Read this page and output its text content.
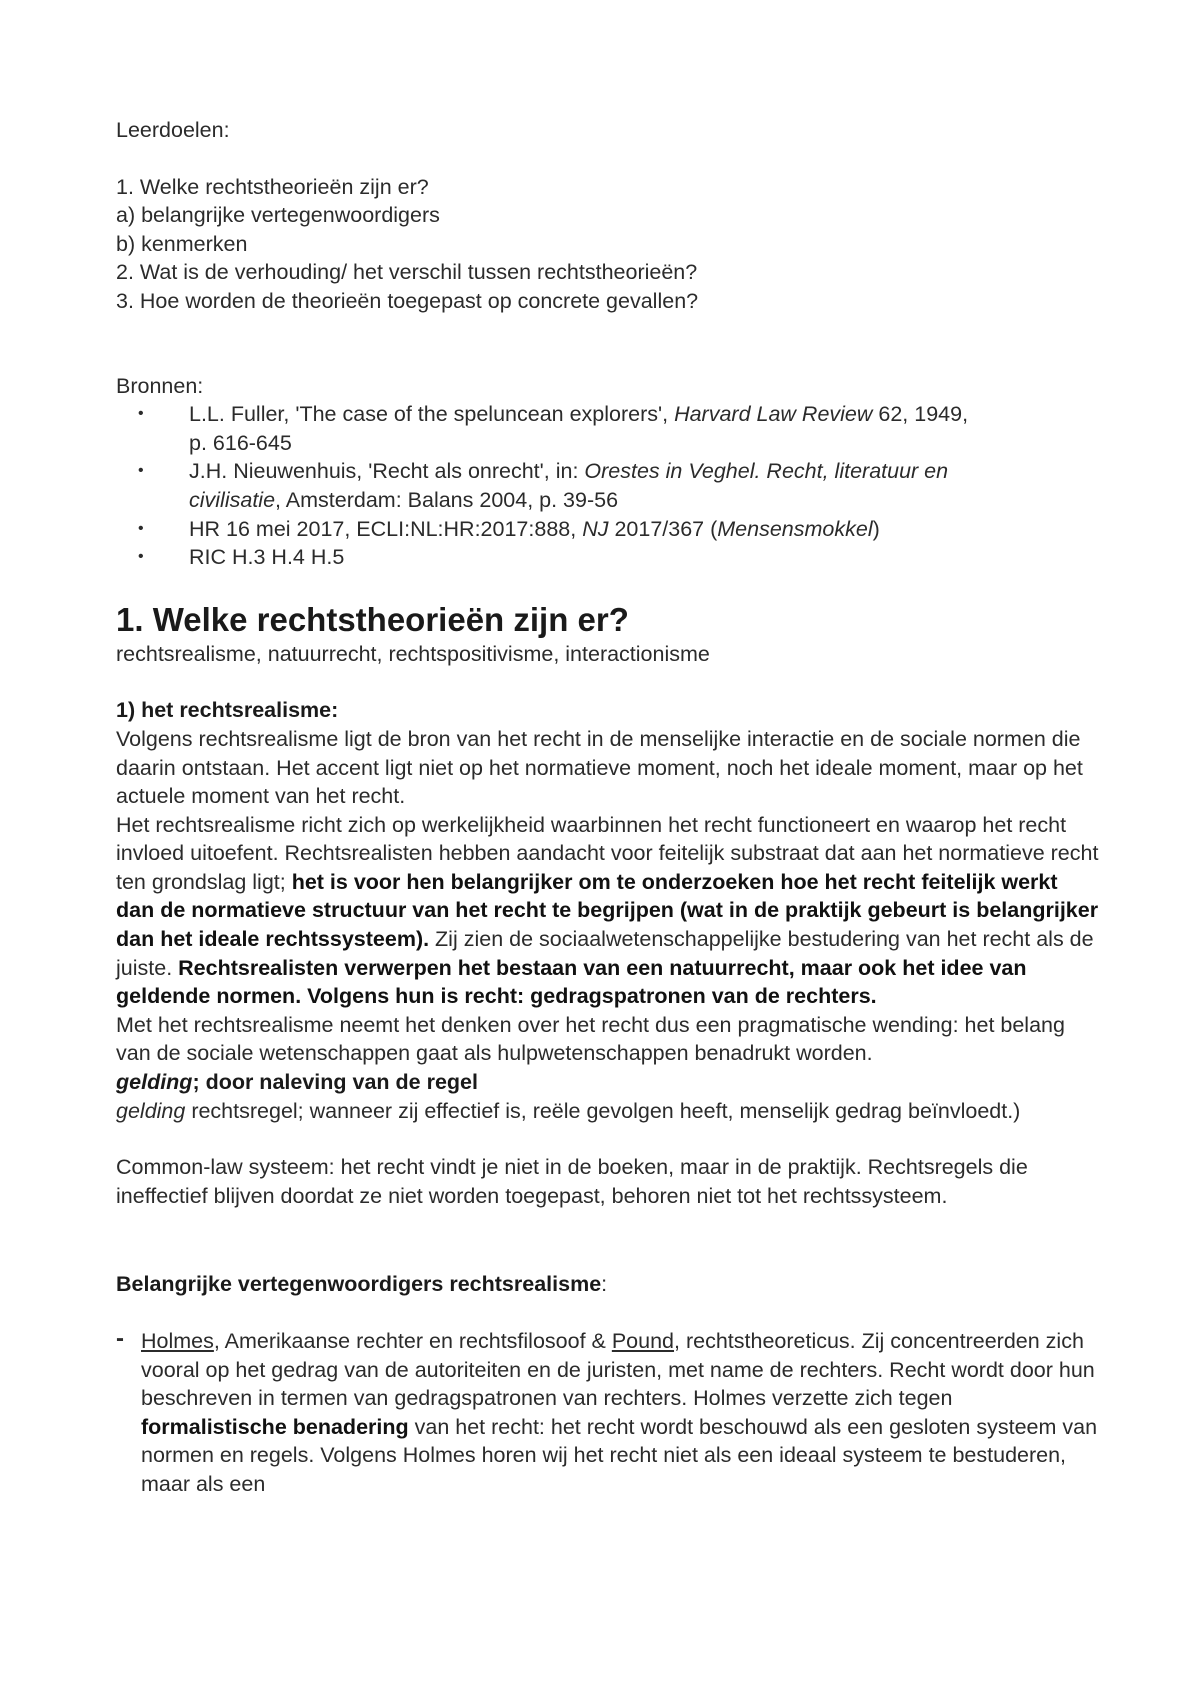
Leerdoelen:

1. Welke rechtstheorieën zijn er?

a) belangrijke vertegenwoordigers

b) kenmerken

2. Wat is de verhouding/ het verschil tussen rechtstheorieën?

3. Hoe worden de theorieën toegepast op concrete gevallen?

Bronnen:

• L.L. Fuller, 'The case of the speluncean explorers', Harvard Law Review 62, 1949,
p. 616-645
• J.H. Nieuwenhuis, 'Recht als onrecht', in: Orestes in Veghel. Recht, literatuur en
civilisatie, Amsterdam: Balans 2004, p. 39-56
• HR 16 mei 2017, ECLI:NL:HR:2017:888, NJ 2017/367 (Mensensmokkel)
• RIC H.3 H.4 H.5
1. Welke rechtstheorieën zijn er?

rechtsrealisme, natuurrecht, rechtspositivisme, interactionisme

1) het rechtsrealisme:

Volgens rechtsrealisme ligt de bron van het recht in de menselijke interactie en de sociale normen die daarin ontstaan. Het accent ligt niet op het normatieve moment, noch het ideale moment, maar op het actuele moment van het recht.

Het rechtsrealisme richt zich op werkelijkheid waarbinnen het recht functioneert en waarop het recht invloed uitoefent. Rechtsrealisten hebben aandacht voor feitelijk substraat dat aan het normatieve recht ten grondslag ligt; het is voor hen belangrijker om te onderzoeken hoe het recht feitelijk werkt dan de normatieve structuur van het recht te begrijpen (wat in de praktijk gebeurt is belangrijker dan het ideale rechtssysteem). Zij zien de sociaalwetenschappelijke bestudering van het recht als de juiste. Rechtsrealisten verwerpen het bestaan van een natuurrecht, maar ook het idee van geldende normen. Volgens hun is recht: gedragspatronen van de rechters.

Met het rechtsrealisme neemt het denken over het recht dus een pragmatische wending: het belang van de sociale wetenschappen gaat als hulpwetenschappen benadrukt worden.

gelding; door naleving van de regel

gelding rechtsregel; wanneer zij effectief is, reële gevolgen heeft, menselijk gedrag beïnvloedt.)

Common-law systeem: het recht vindt je niet in de boeken, maar in de praktijk. Rechtsregels die ineffectief blijven doordat ze niet worden toegepast, behoren niet tot het rechtssysteem.

Belangrijke vertegenwoordigers rechtsrealisme:

- Holmes, Amerikaanse rechter en rechtsfilosoof & Pound, rechtstheoreticus. Zij concentreerden zich vooral op het gedrag van de autoriteiten en de juristen, met name de rechters. Recht wordt door hun beschreven in termen van gedragspatronen van rechters. Holmes verzette zich tegen formalistische benadering van het recht: het recht wordt beschouwd als een gesloten systeem van normen en regels. Volgens Holmes horen wij het recht niet als een ideaal systeem te bestuderen, maar als een
